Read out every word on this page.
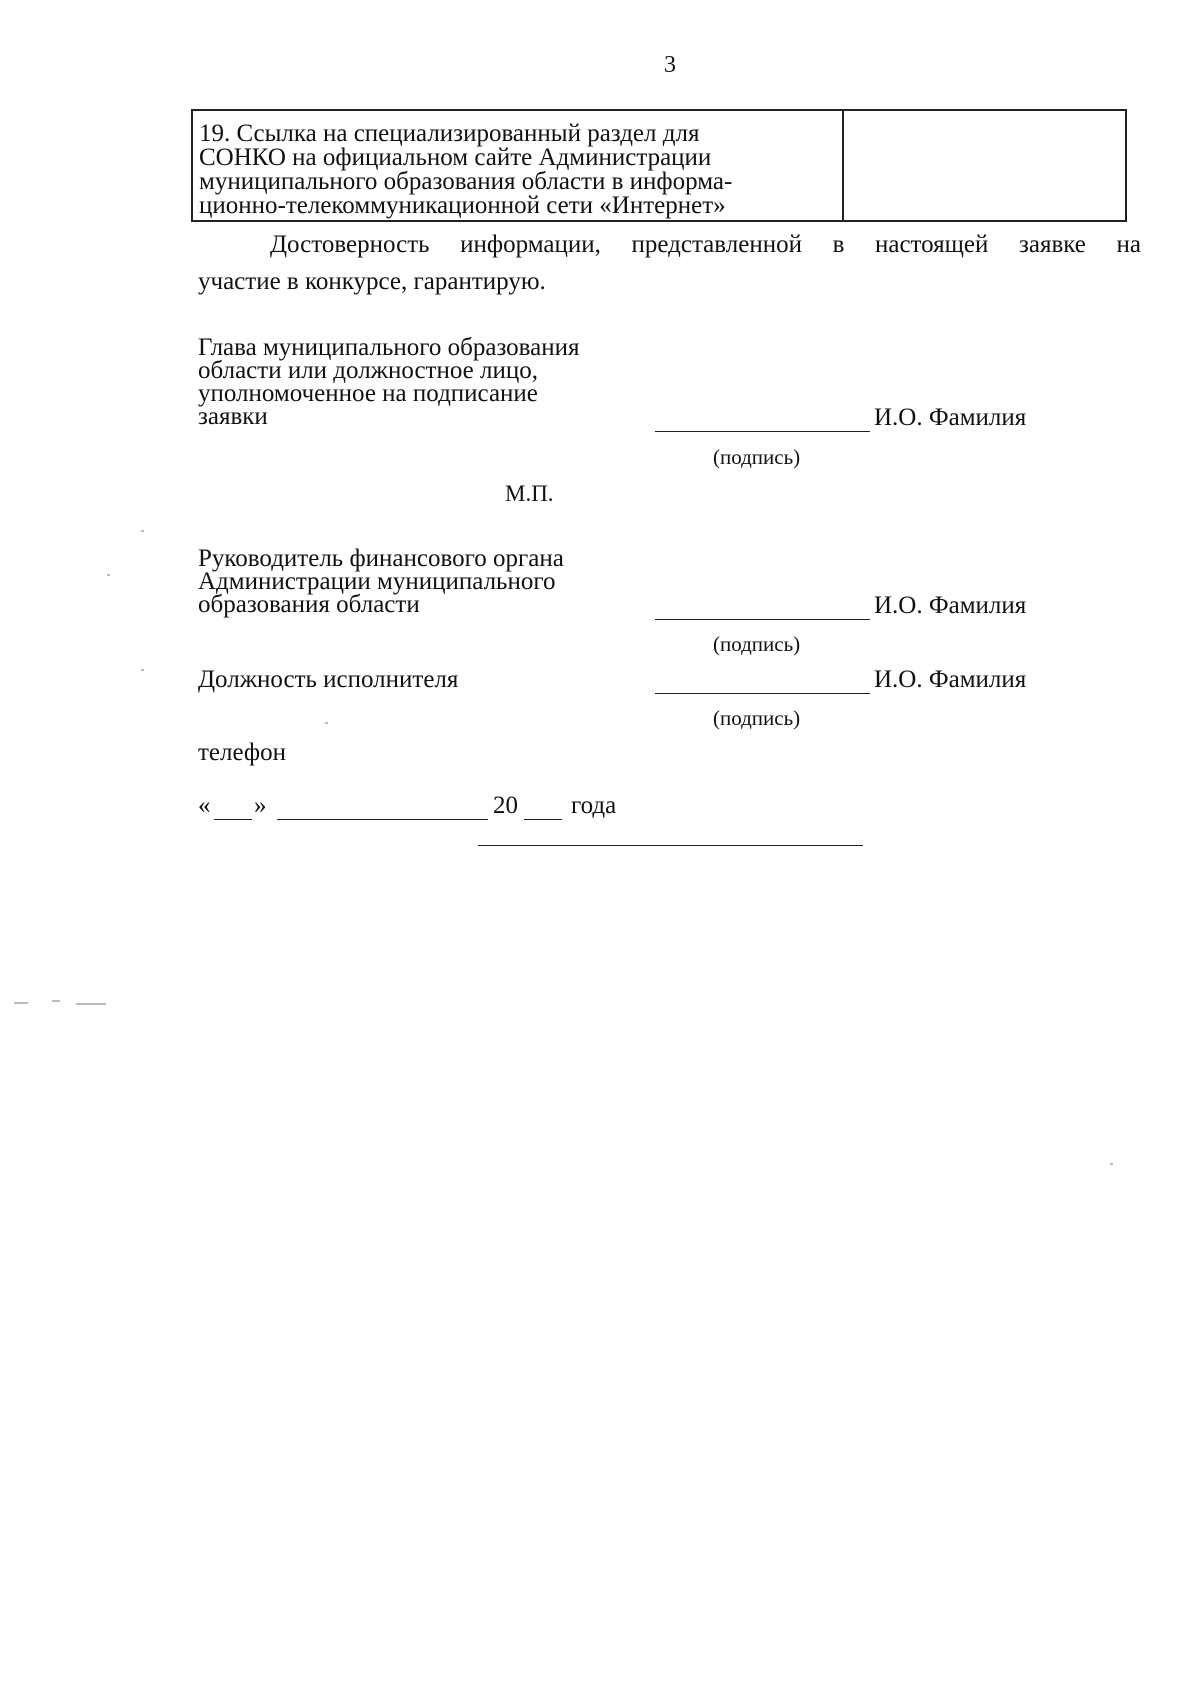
3
19. Ссылка на специализированный раздел для
СОНКО на официальном сайте Администрации
муниципального образования области в информа-
ционно-телекоммуникационной сети «Интернет»
Достоверность информации, представленной в настоящей заявке на
участие в конкурсе, гарантирую.
Глава муниципального образования
области или должностное лицо,
уполномоченное на подписание
заявки	И.О. Фамилия
(подпись)
М.П.
Руководитель финансового органа
Администрации муниципального
образования области	И.О. Фамилия
(подпись)
Должность исполнителя	И.О. Фамилия
(подпись)
телефон
« »	20 года
